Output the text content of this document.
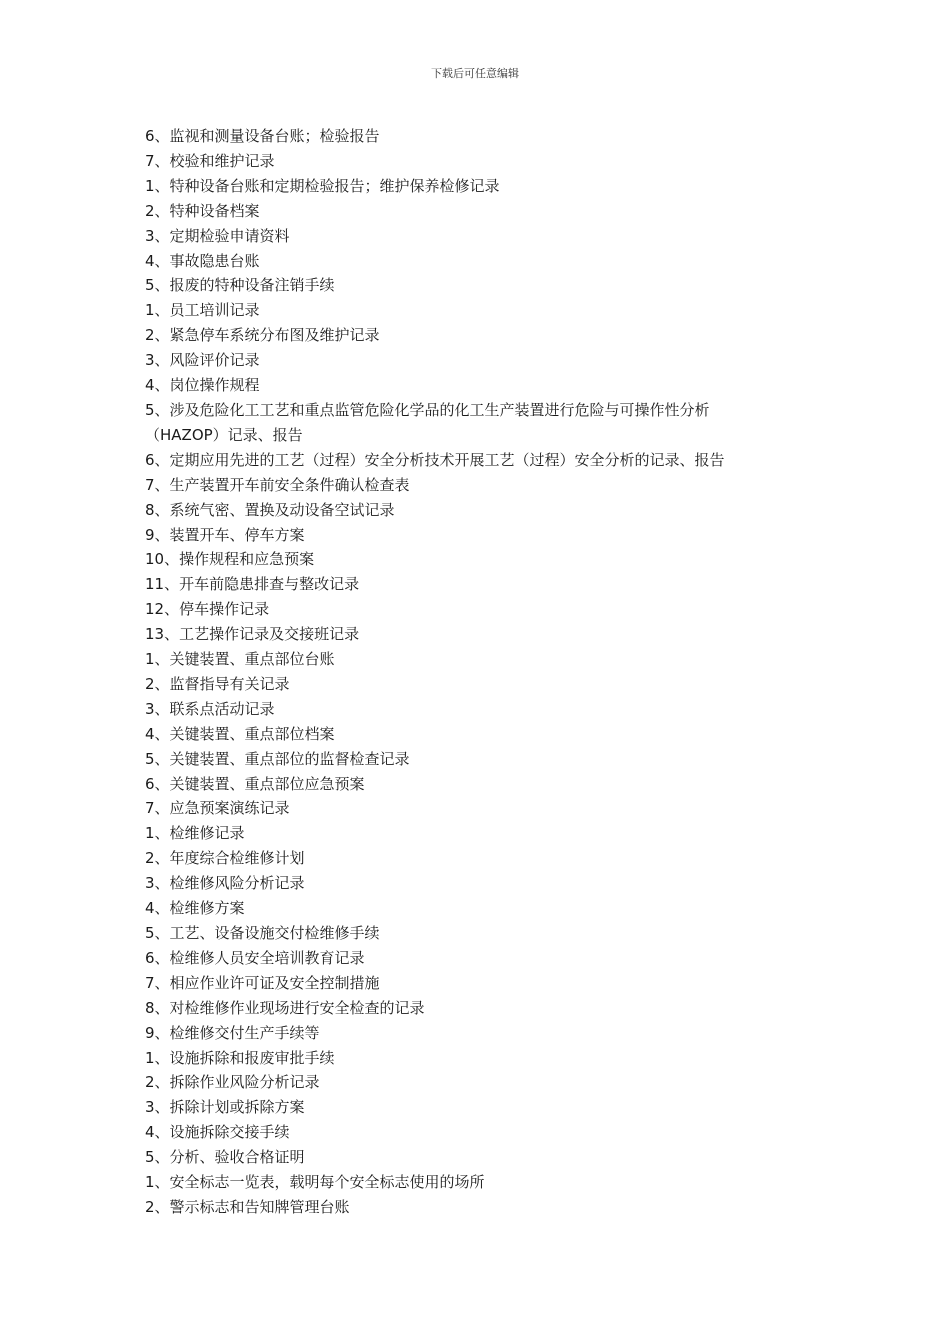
下载后可任意编辑
6、监视和测量设备台账；检验报告
7、校验和维护记录
1、特种设备台账和定期检验报告；维护保养检修记录
2、特种设备档案
3、定期检验申请资料
4、事故隐患台账
5、报废的特种设备注销手续
1、员工培训记录
2、紧急停车系统分布图及维护记录
3、风险评价记录
4、岗位操作规程
5、涉及危险化工工艺和重点监管危险化学品的化工生产装置进行危险与可操作性分析
（HAZOP）记录、报告
6、定期应用先进的工艺（过程）安全分析技术开展工艺（过程）安全分析的记录、报告
7、生产装置开车前安全条件确认检查表
8、系统气密、置换及动设备空试记录
9、装置开车、停车方案
10、操作规程和应急预案
11、开车前隐患排查与整改记录
12、停车操作记录
13、工艺操作记录及交接班记录
1、关键装置、重点部位台账
2、监督指导有关记录
3、联系点活动记录
4、关键装置、重点部位档案
5、关键装置、重点部位的监督检查记录
6、关键装置、重点部位应急预案
7、应急预案演练记录
1、检维修记录
2、年度综合检维修计划
3、检维修风险分析记录
4、检维修方案
5、工艺、设备设施交付检维修手续
6、检维修人员安全培训教育记录
7、相应作业许可证及安全控制措施
8、对检维修作业现场进行安全检查的记录
9、检维修交付生产手续等
1、设施拆除和报废审批手续
2、拆除作业风险分析记录
3、拆除计划或拆除方案
4、设施拆除交接手续
5、分析、验收合格证明
1、安全标志一览表，载明每个安全标志使用的场所
2、警示标志和告知牌管理台账
